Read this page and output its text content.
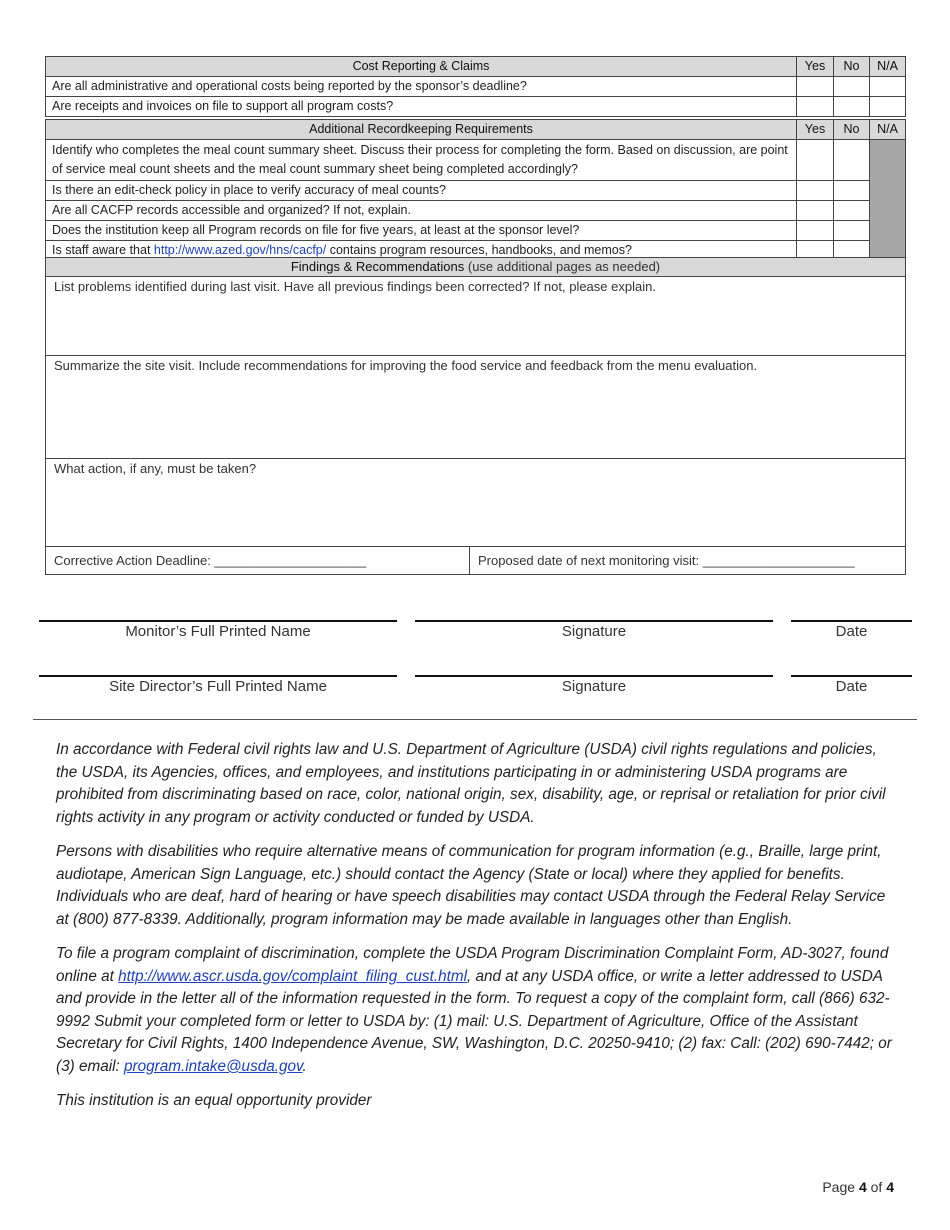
Cost Reporting & Claims	Yes	No	N/A
Are all administrative and operational costs being reported by the sponsor’s deadline?			
Are receipts and invoices on file to support all program costs?			
Additional Recordkeeping Requirements	Yes	No	N/A
Identify who completes the meal count summary sheet. Discuss their process for completing the form. Based on discussion, are point of service meal count sheets and the meal count summary sheet being completed accordingly?			
Is there an edit-check policy in place to verify accuracy of meal counts?			
Are all CACFP records accessible and organized? If not, explain.			
Does the institution keep all Program records on file for five years, at least at the sponsor level?			
Is staff aware that http://www.azed.gov/hns/cacfp/ contains program resources, handbooks, and memos?			
Findings & Recommendations (use additional pages as needed)
List problems identified during last visit. Have all previous findings been corrected? If not, please explain.
Summarize the site visit. Include recommendations for improving the food service and feedback from the menu evaluation.
What action, if any, must be taken?
Corrective Action Deadline: _____________________	Proposed date of next monitoring visit: _____________________
Monitor’s Full Printed Name	Signature	Date
Site Director’s Full Printed Name	Signature	Date

In accordance with Federal civil rights law and U.S. Department of Agriculture (USDA) civil rights regulations and policies, the USDA, its Agencies, offices, and employees, and institutions participating in or administering USDA programs are prohibited from discriminating based on race, color, national origin, sex, disability, age, or reprisal or retaliation for prior civil rights activity in any program or activity conducted or funded by USDA.

Persons with disabilities who require alternative means of communication for program information (e.g., Braille, large print, audiotape, American Sign Language, etc.) should contact the Agency (State or local) where they applied for benefits. Individuals who are deaf, hard of hearing or have speech disabilities may contact USDA through the Federal Relay Service at (800) 877-8339. Additionally, program information may be made available in languages other than English.

To file a program complaint of discrimination, complete the USDA Program Discrimination Complaint Form, AD-3027, found online at http://www.ascr.usda.gov/complaint_filing_cust.html, and at any USDA office, or write a letter addressed to USDA and provide in the letter all of the information requested in the form. To request a copy of the complaint form, call (866) 632-9992 Submit your completed form or letter to USDA by: (1) mail: U.S. Department of Agriculture, Office of the Assistant Secretary for Civil Rights, 1400 Independence Avenue, SW, Washington, D.C. 20250-9410; (2) fax: Call: (202) 690-7442; or (3) email: program.intake@usda.gov.

This institution is an equal opportunity provider

Page 4 of 4
